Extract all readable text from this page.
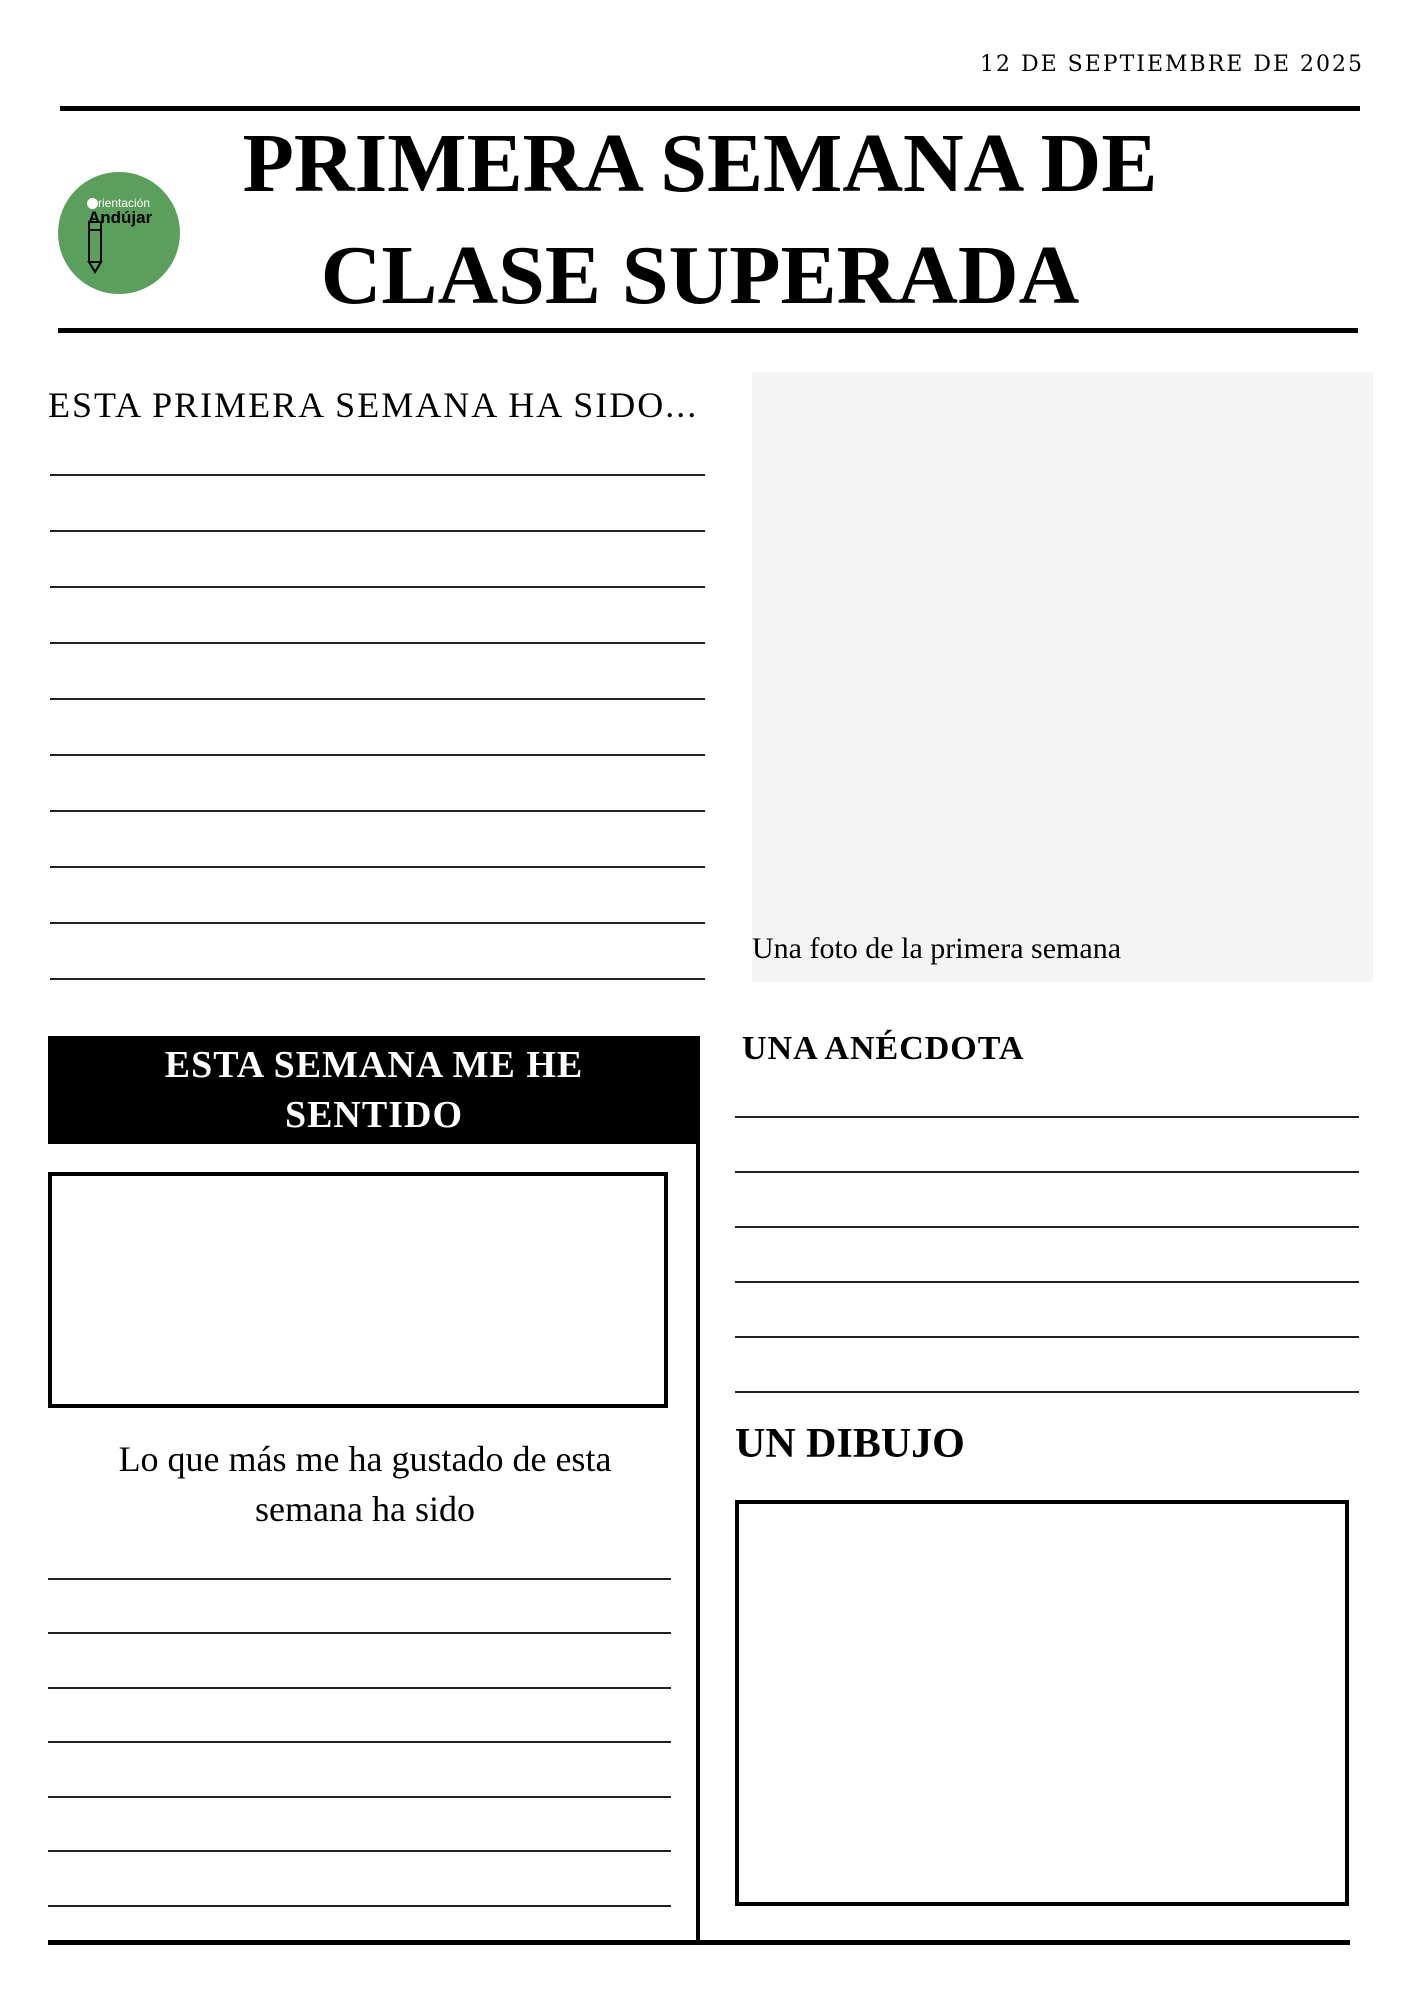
12 DE SEPTIEMBRE DE 2025
rientación
Andújar
PRIMERA SEMANA DE
CLASE SUPERADA
ESTA PRIMERA SEMANA HA SIDO...
Una foto de la primera semana
ESTA SEMANA ME HE
SENTIDO
Lo que más me ha gustado de esta
semana ha sido
UNA ANÉCDOTA
UN DIBUJO
